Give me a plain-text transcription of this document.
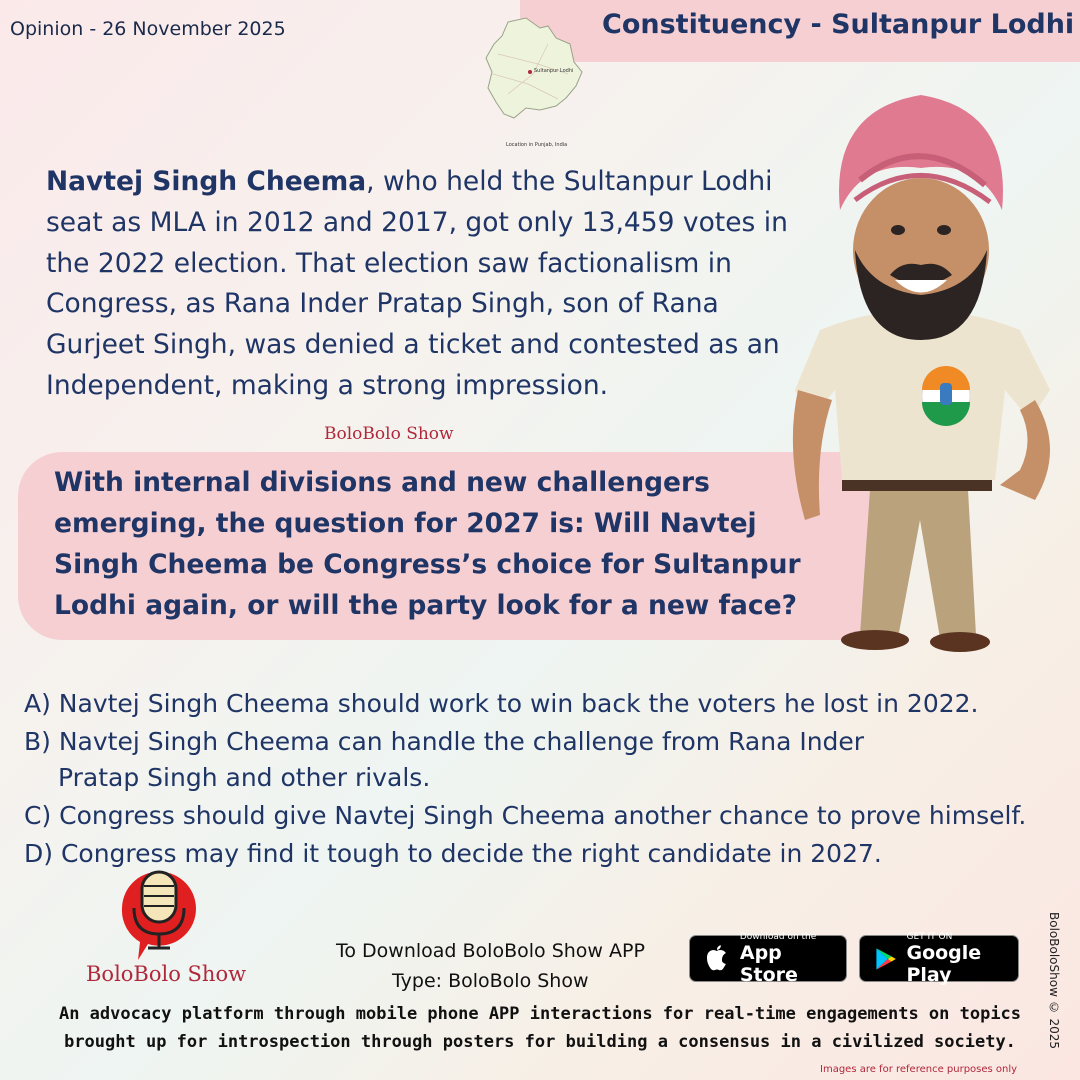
Opinion - 26 November 2025	Constituency - Sultanpur Lodhi
Sultanpur Lodhi
Location in Punjab, India
Navtej Singh Cheema, who held the Sultanpur Lodhi seat as MLA in 2012 and 2017, got only 13,459 votes in the 2022 election. That election saw factionalism in Congress, as Rana Inder Pratap Singh, son of Rana Gurjeet Singh, was denied a ticket and contested as an Independent, making a strong impression.
BoloBolo Show
With internal divisions and new challengers emerging, the question for 2027 is: Will Navtej Singh Cheema be Congress’s choice for Sultanpur Lodhi again, or will the party look for a new face?
A) Navtej Singh Cheema should work to win back the voters he lost in 2022.
B) Navtej Singh Cheema can handle the challenge from Rana Inder
Pratap Singh and other rivals.
C) Congress should give Navtej Singh Cheema another chance to prove himself.
D) Congress may find it tough to decide the right candidate in 2027.
BoloBolo Show
To Download BoloBolo Show APP
Type: BoloBolo Show
Download on the
App Store
GET IT ON
Google Play
An advocacy platform through mobile phone APP interactions for real-time engagements on topics
brought up for introspection through posters for building a consensus in a civilized society.	BoloBoloShow © 2025
Images are for reference purposes only
